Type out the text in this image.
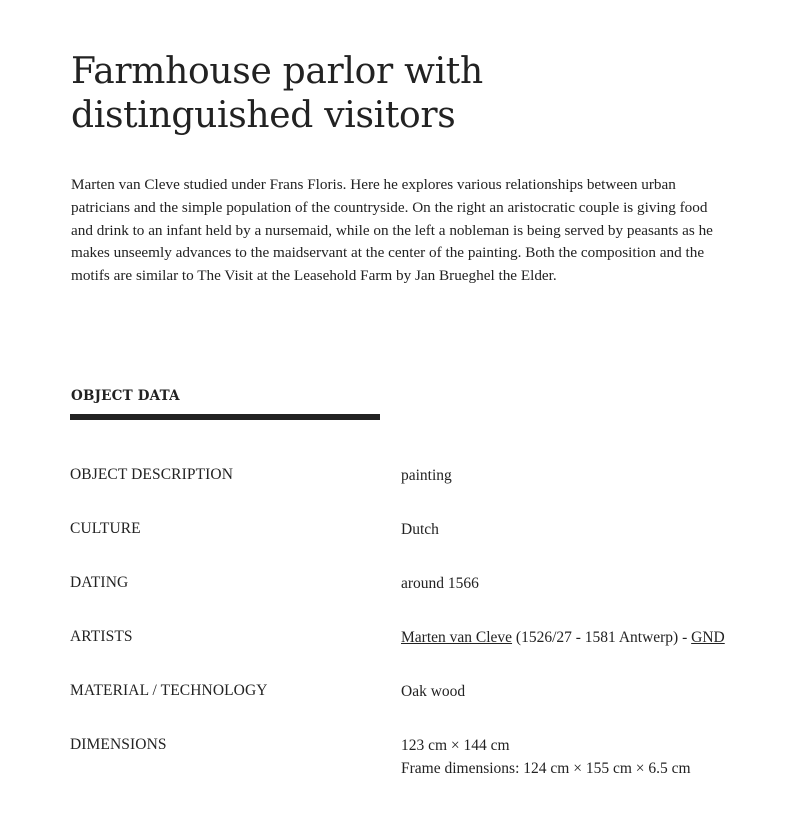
Farmhouse parlor with distinguished visitors

Marten van Cleve studied under Frans Floris. Here he explores various relationships between urban patricians and the simple population of the countryside. On the right an aristocratic couple is giving food and drink to an infant held by a nursemaid, while on the left a nobleman is being served by peasants as he makes unseemly advances to the maidservant at the center of the painting. Both the composition and the motifs are similar to The Visit at the Leasehold Farm by Jan Brueghel the Elder.

OBJECT DATA
OBJECT DESCRIPTION	painting
CULTURE	Dutch
DATING	around 1566
ARTISTS	Marten van Cleve (1526/27 - 1581 Antwerp) - GND
MATERIAL / TECHNOLOGY	Oak wood
DIMENSIONS	123 cm × 144 cm
Frame dimensions: 124 cm × 155 cm × 6.5 cm
